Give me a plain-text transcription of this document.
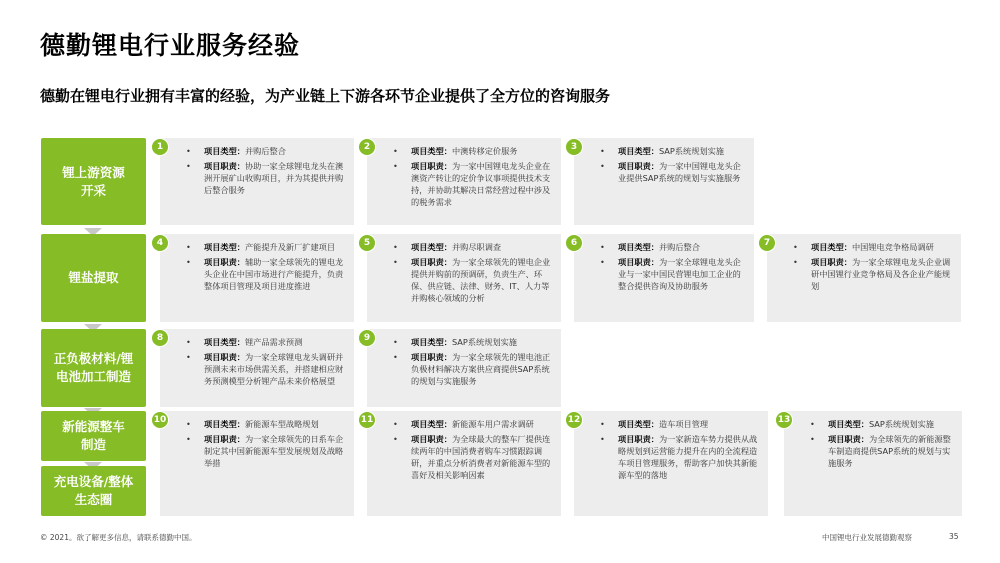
德勤锂电行业服务经验
德勤在锂电行业拥有丰富的经验，为产业链上下游各环节企业提供了全方位的咨询服务
锂上游资源
开采
锂盐提取
正负极材料/锂
电池加工制造
新能源整车
制造
充电设备/整体
生态圈
1	• 项目类型：并购后整合
• 项目职责：协助一家全球锂电龙头在澳洲开展矿山收购项目，并为其提供并购后整合服务
2	• 项目类型：中澳转移定价服务
• 项目职责：为一家中国锂电龙头企业在澳资产转让的定价争议事项提供技术支持，并协助其解决日常经营过程中涉及的税务需求
3	• 项目类型：SAP系统规划实施
• 项目职责：为一家中国锂电龙头企业提供SAP系统的规划与实施服务
4	• 项目类型：产能提升及新厂扩建项目
• 项目职责：辅助一家全球领先的锂电龙头企业在中国市场进行产能提升，负责整体项目管理及项目进度推进
5	• 项目类型：并购尽职调查
• 项目职责：为一家全球领先的锂电企业提供并购前的预调研，负责生产、环保、供应链、法律、财务、IT、人力等并购核心领域的分析
6	• 项目类型：并购后整合
• 项目职责：为一家全球锂电龙头企业与一家中国民营锂电加工企业的整合提供咨询及协助服务
7	• 项目类型：中国锂电竞争格局调研
• 项目职责：为一家全球锂电龙头企业调研中国锂行业竞争格局及各企业产能规划
8	• 项目类型：锂产品需求预测
• 项目职责：为一家全球锂电龙头调研并预测未来市场供需关系，并搭建相应财务预测模型分析锂产品未来价格展望
9	• 项目类型：SAP系统规划实施
• 项目职责：为一家全球领先的锂电池正负极材料解决方案供应商提供SAP系统的规划与实施服务
10	• 项目类型：新能源车型战略规划
• 项目职责：为一家全球领先的日系车企制定其中国新能源车型发展规划及战略举措
11	• 项目类型：新能源车用户需求调研
• 项目职责：为全球最大的整车厂提供连续两年的中国消费者购车习惯跟踪调研，并重点分析消费者对新能源车型的喜好及相关影响因素
12	• 项目类型：造车项目管理
• 项目职责：为一家新造车势力提供从战略规划到运营能力提升在内的全流程造车项目管理服务，帮助客户加快其新能源车型的落地
13	• 项目类型：SAP系统规划实施
• 项目职责：为全球领先的新能源整车制造商提供SAP系统的规划与实施服务
© 2021。欲了解更多信息，请联系德勤中国。	中国锂电行业发展德勤观察	35
